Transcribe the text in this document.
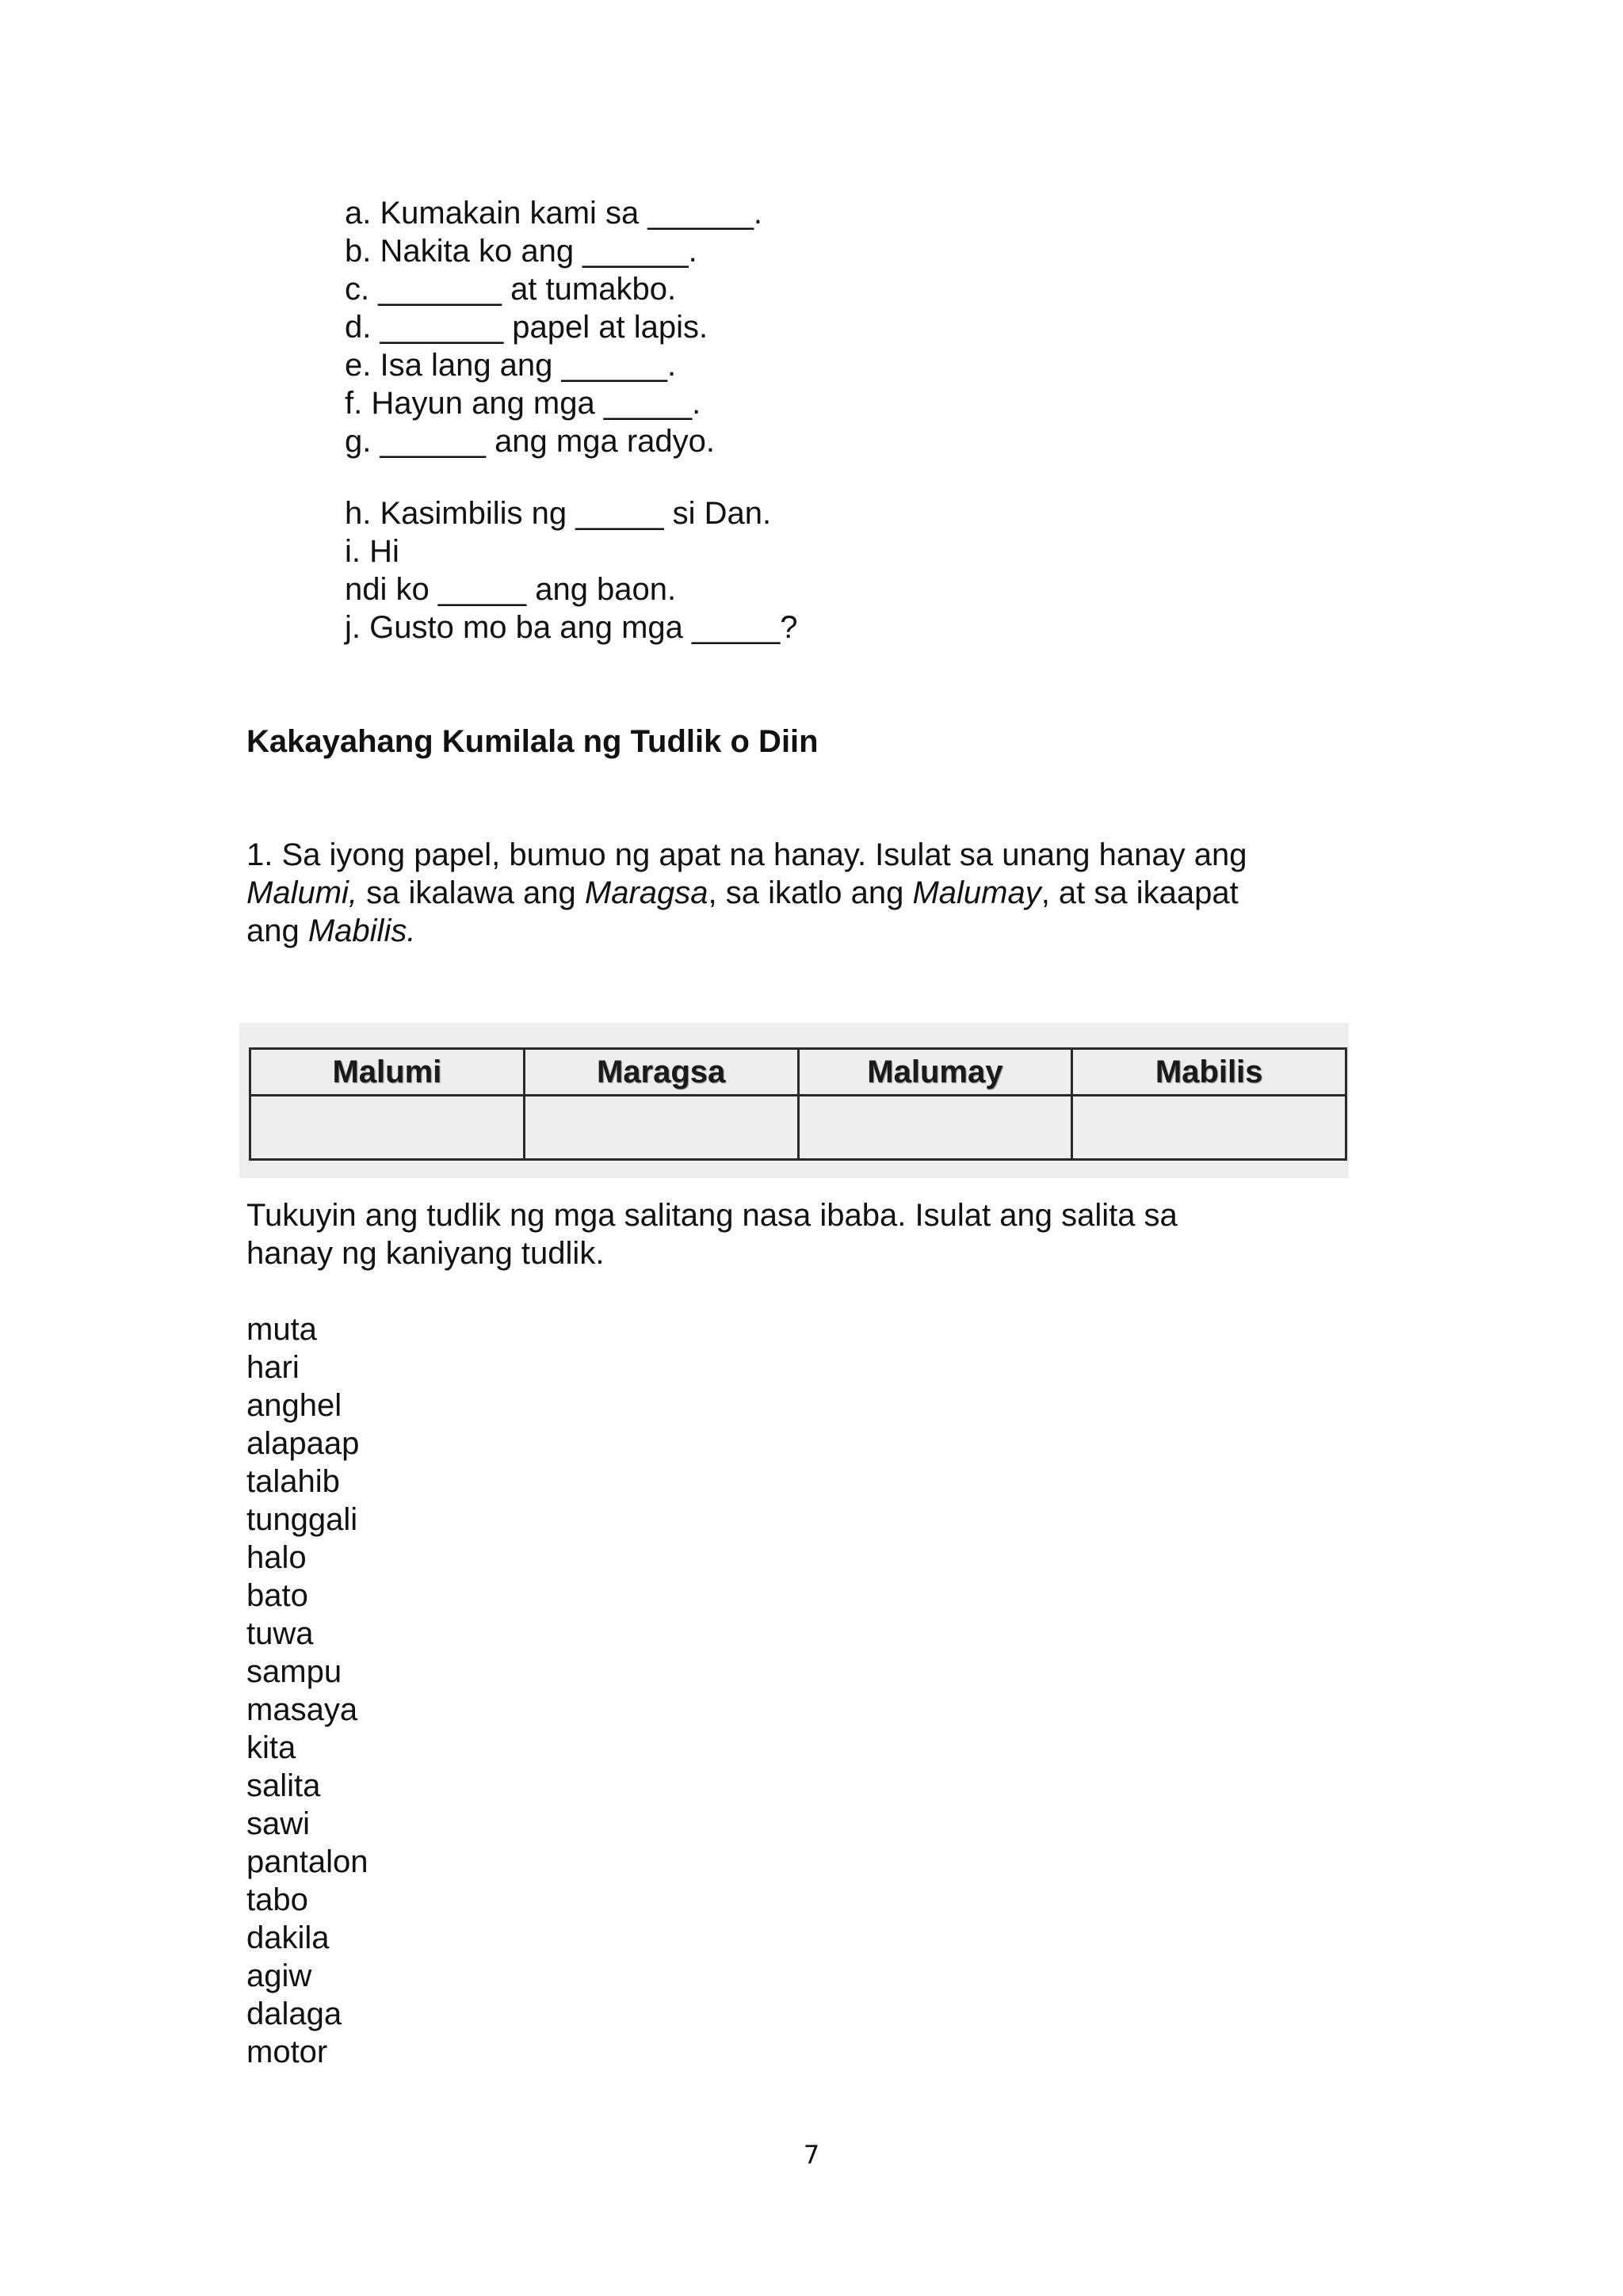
a. Kumakain kami sa ______.
b. Nakita ko ang ______.
c. _______ at tumakbo.
d. _______ papel at lapis.
e. Isa lang ang ______.
f. Hayun ang mga _____.
g. ______ ang mga radyo.
h. Kasimbilis ng _____ si Dan.
i. Hi
ndi ko _____ ang baon.
j. Gusto mo ba ang mga _____?
Kakayahang Kumilala ng Tudlik o Diin
1. Sa iyong papel, bumuo ng apat na hanay. Isulat sa unang hanay ang
Malumi, sa ikalawa ang Maragsa, sa ikatlo ang Malumay, at sa ikaapat
ang Mabilis.
Malumi	Maragsa	Malumay	Mabilis

Tukuyin ang tudlik ng mga salitang nasa ibaba. Isulat ang salita sa
hanay ng kaniyang tudlik.
muta
hari
anghel
alapaap
talahib
tunggali
halo
bato
tuwa
sampu
masaya
kita
salita
sawi
pantalon
tabo
dakila
agiw
dalaga
motor
7
